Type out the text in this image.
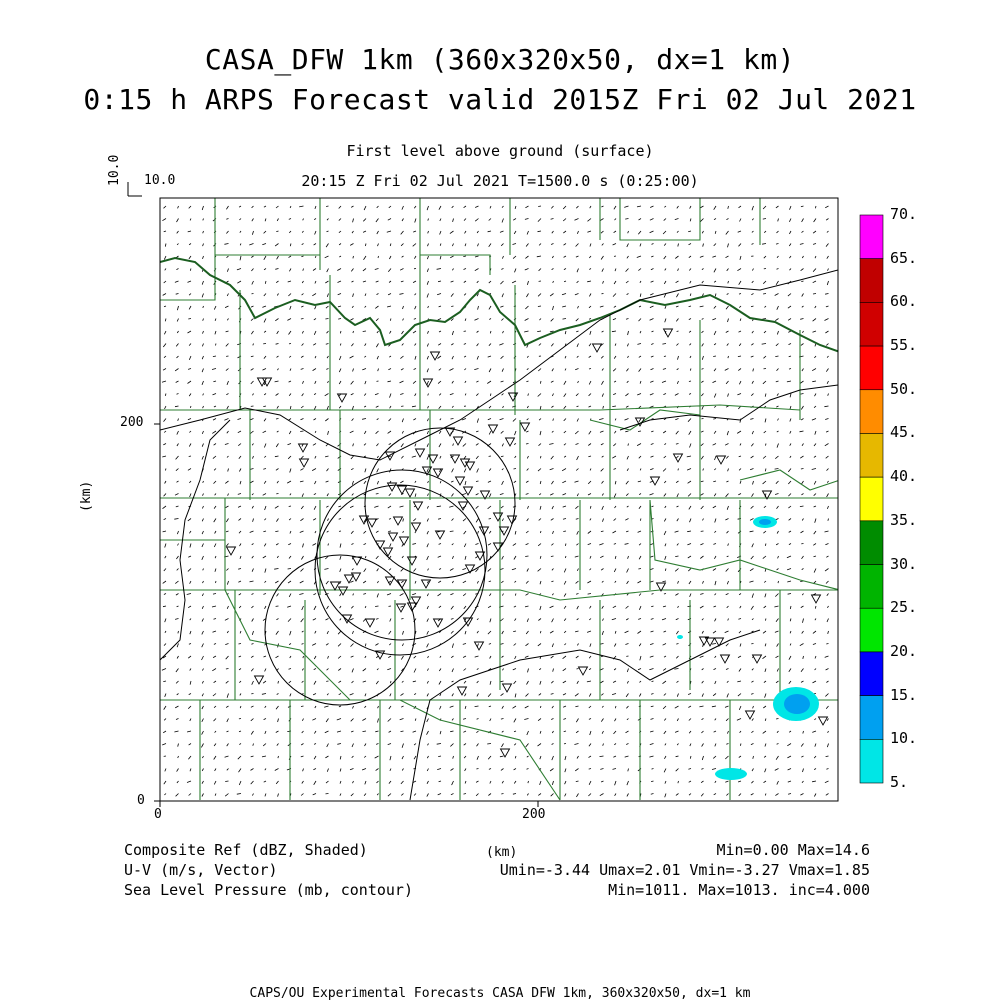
CASA_DFW 1km (360x320x50, dx=1 km)
0:15 h ARPS Forecast valid 2015Z Fri 02 Jul 2021
First level above ground (surface)
20:15 Z Fri 02 Jul 2021 T=1500.0 s (0:25:00)
10.0 10.0
(km)
200
0
0	200
(km)
70.
65.
60.
55.
50.
45.
40.
35.
30.
25.
20.
15.
10.
5.
Composite Ref (dBZ, Shaded)
U-V (m/s, Vector)
Sea Level Pressure (mb, contour)
Min=0.00 Max=14.6
Umin=-3.44 Umax=2.01 Vmin=-3.27 Vmax=1.85
Min=1011. Max=1013. inc=4.000
CAPS/OU Experimental Forecasts CASA DFW 1km, 360x320x50, dx=1 km
